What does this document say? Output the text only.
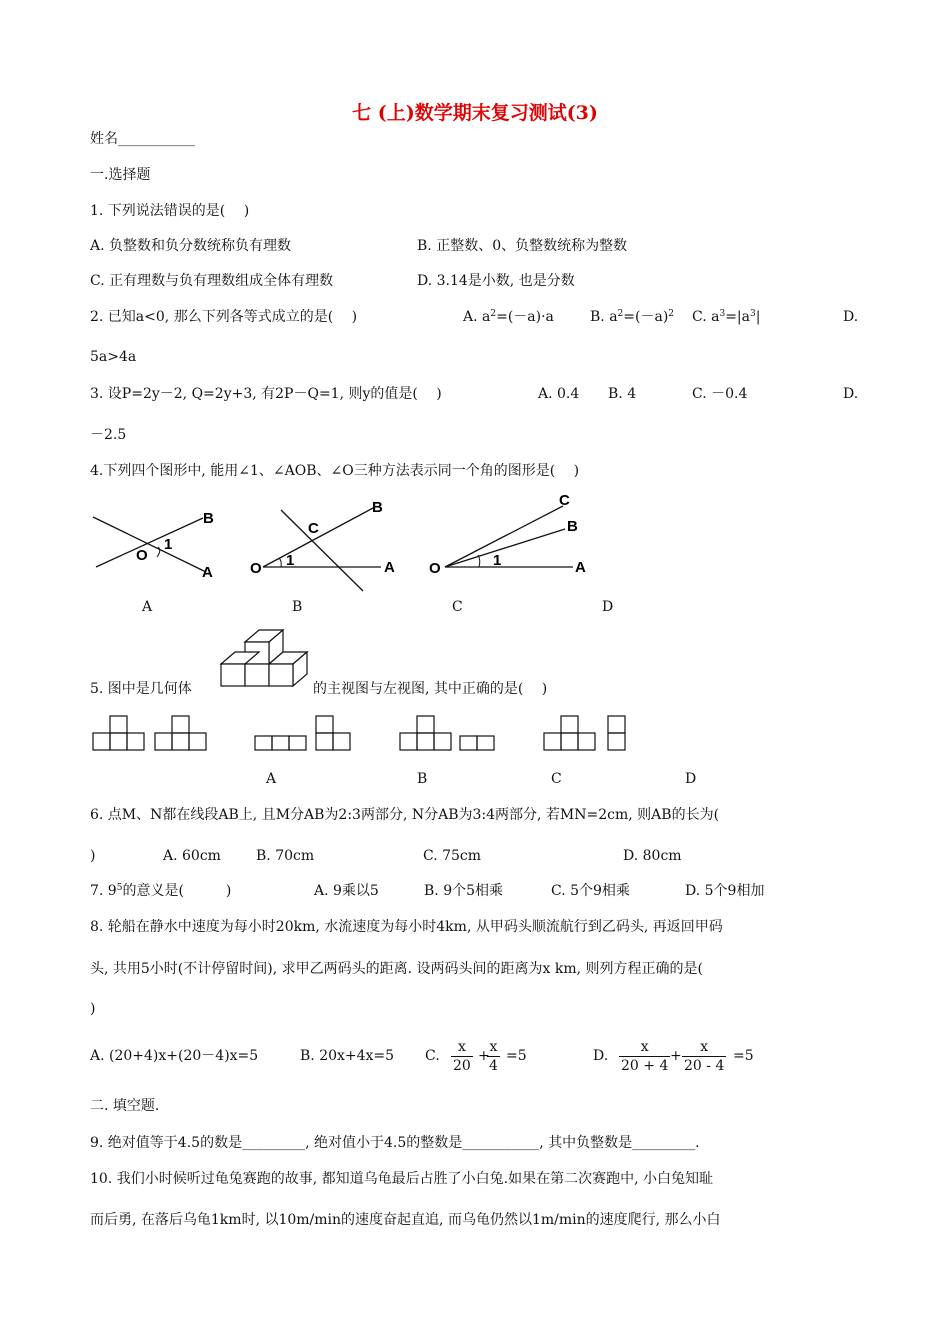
七 (上)数学期末复习测试(3)
姓名___________
一.选择题
1. 下列说法错误的是(　 )
A. 负整数和负分数统称负有理数	B. 正整数、0、负整数统称为整数
C. 正有理数与负有理数组成全体有理数	D. 3.14是小数, 也是分数
2. 已知a<0, 那么下列各等式成立的是(　 )	A. $a^2=(-a)\cdot a$	B. $a^2=(-a)^2$ C. $a^3=|a^3|$	D.
5a>4a
3. 设P=2y－2, Q=2y+3, 有2P－Q=1, 则y的值是(　 )	A. 0.4 B. 4	C. －0.4	D.
－2.5
4.下列四个图形中, 能用∠1、∠AOB、∠O三种方法表示同一个角的图形是(　 )
O
1
B
A O 1
C
B
A O	1
C
B
A
A	B	C	D
5. 图中是几何体	的主视图与左视图, 其中正确的是(　 )
A	B	C	D
6. 点M、N都在线段AB上, 且M分AB为2:3两部分, N分AB为3:4两部分, 若MN=2cm, 则AB的长为(
)	A. 60cm	B. 70cm	C. 75cm	D. 80cm
7. $9^5$的意义是(　　　)	A. 9乘以5	B. 9个5相乘	C. 5个9相乘	D. 5个9相加
8. 轮船在静水中速度为每小时20km, 水流速度为每小时4km, 从甲码头顺流航行到乙码头, 再返回甲码
头, 共用5小时(不计停留时间), 求甲乙两码头的距离. 设两码头间的距离为x km, 则列方程正确的是(
)
A. (20+4)x+(20－4)x=5	B. 20x+4x=5 C. $\frac{x}{20}$ +
$\frac{x}{4} =5$	D. $\frac{x}{20 + 4} + \frac{x}{20 - 4} =5$
二. 填空题.
9. 绝对值等于4.5的数是_________, 绝对值小于4.5的整数是___________, 其中负整数是_________.
10. 我们小时候听过龟兔赛跑的故事, 都知道乌龟最后占胜了小白兔.如果在第二次赛跑中, 小白兔知耻
而后勇, 在落后乌龟1km时, 以10m/min的速度奋起直追, 而乌龟仍然以1m/min的速度爬行, 那么小白
